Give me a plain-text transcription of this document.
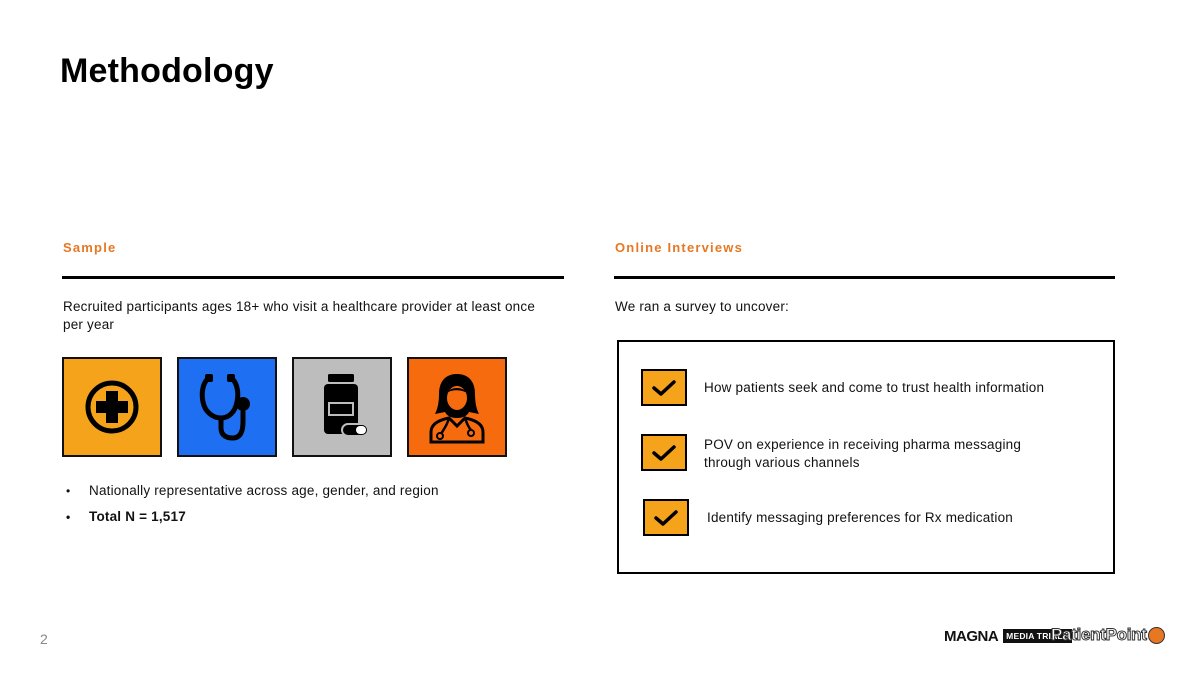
Methodology
Sample
Recruited participants ages 18+ who visit a healthcare provider at least once per year
• Nationally representative across age, gender, and region
• Total N = 1,517
Online Interviews
We ran a survey to uncover:
How patients seek and come to trust health information
POV on experience in receiving pharma messaging through various channels
Identify messaging preferences for Rx medication
2	MAGNA MEDIA TRIALS
PatientPoint
